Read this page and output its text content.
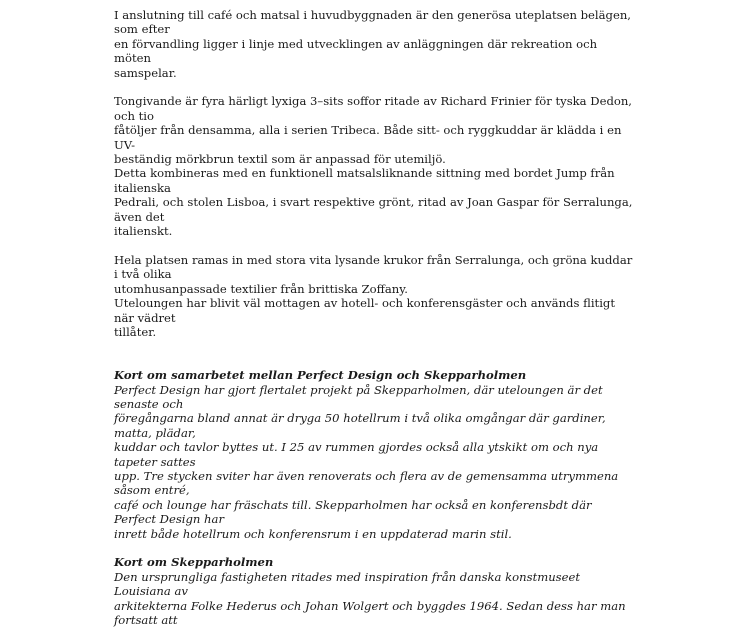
I anslutning till café och matsal i huvudbyggnaden är den generösa uteplatsen belägen, som efter
en förvandling ligger i linje med utvecklingen av anläggningen där rekreation och möten
samspelar.

Tongivande är fyra härligt lyxiga 3–sits soffor ritade av Richard Frinier för tyska Dedon, och tio
fåtöljer från densamma, alla i serien Tribeca. Både sitt- och ryggkuddar är klädda i en UV-
beständig mörkbrun textil som är anpassad för utemiljö.
Detta kombineras med en funktionell matsalsliknande sittning med bordet Jump från italienska
Pedrali, och stolen Lisboa, i svart respektive grönt, ritad av Joan Gaspar för Serralunga, även det
italienskt.

Hela platsen ramas in med stora vita lysande krukor från Serralunga, och gröna kuddar i två olika
utomhusanpassade textilier från brittiska Zoffany.
Uteloungen har blivit väl mottagen av hotell- och konferensgäster och används flitigt när vädret
tillåter.

Kort om samarbetet mellan Perfect Design och Skepparholmen

Perfect Design har gjort flertalet projekt på Skepparholmen, där uteloungen är det senaste och
föregångarna bland annat är dryga 50 hotellrum i två olika omgångar där gardiner, matta, plädar,
kuddar och tavlor byttes ut. I 25 av rummen gjordes också alla ytskikt om och nya tapeter sattes
upp. Tre stycken sviter har även renoverats och flera av de gemensamma utrymmena såsom entré,
café och lounge har fräschats till. Skepparholmen har också en konferensbdt där Perfect Design har
inrett både hotellrum och konferensrum i en uppdaterad marin stil.

Kort om Skepparholmen

Den ursprungliga fastigheten ritades med inspiration från danska konstmuseet Louisiana av
arkitekterna Folke Hederus och Johan Wolgert och byggdes 1964. Sedan dess har man fortsatt att
